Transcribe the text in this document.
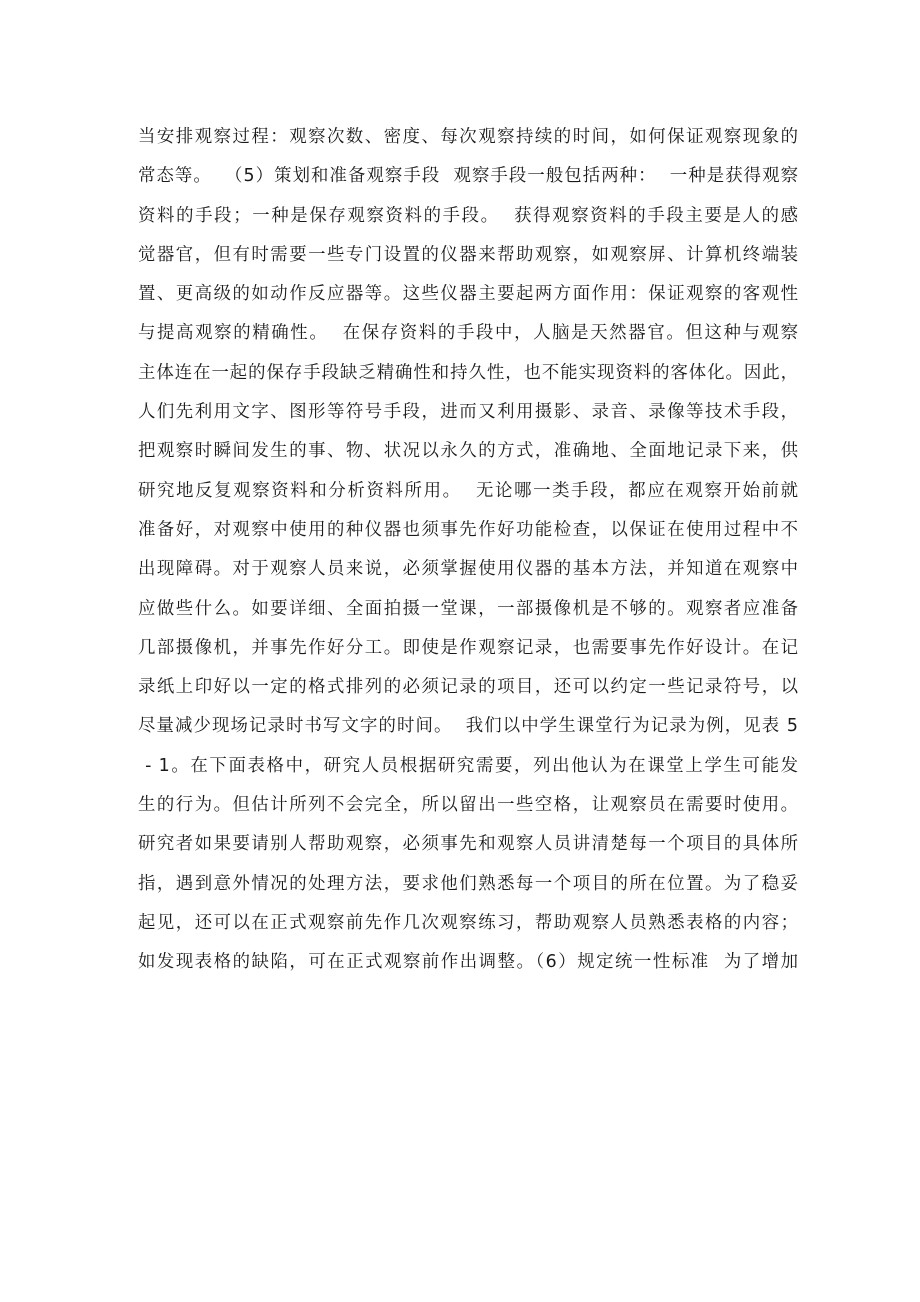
当安排观察过程：观察次数、密度、每次观察持续的时间，如何保证观察现象的
常态等。  （5）策划和准备观察手段  观察手段一般包括两种：  一种是获得观察
资料的手段；一种是保存观察资料的手段。  获得观察资料的手段主要是人的感
觉器官，但有时需要一些专门设置的仪器来帮助观察，如观察屏、计算机终端装
置、更高级的如动作反应器等。这些仪器主要起两方面作用：保证观察的客观性
与提高观察的精确性。  在保存资料的手段中，人脑是天然器官。但这种与观察
主体连在一起的保存手段缺乏精确性和持久性，也不能实现资料的客体化。因此，
人们先利用文字、图形等符号手段，进而又利用摄影、录音、录像等技术手段，
把观察时瞬间发生的事、物、状况以永久的方式，准确地、全面地记录下来，供
研究地反复观察资料和分析资料所用。  无论哪一类手段，都应在观察开始前就
准备好，对观察中使用的种仪器也须事先作好功能检查，以保证在使用过程中不
出现障碍。对于观察人员来说，必须掌握使用仪器的基本方法，并知道在观察中
应做些什么。如要详细、全面拍摄一堂课，一部摄像机是不够的。观察者应准备
几部摄像机，并事先作好分工。即使是作观察记录，也需要事先作好设计。在记
录纸上印好以一定的格式排列的必须记录的项目，还可以约定一些记录符号，以
尽量减少现场记录时书写文字的时间。  我们以中学生课堂行为记录为例，见表 5
- 1。在下面表格中，研究人员根据研究需要，列出他认为在课堂上学生可能发
生的行为。但估计所列不会完全，所以留出一些空格，让观察员在需要时使用。
研究者如果要请别人帮助观察，必须事先和观察人员讲清楚每一个项目的具体所
指，遇到意外情况的处理方法，要求他们熟悉每一个项目的所在位置。为了稳妥
起见，还可以在正式观察前先作几次观察练习，帮助观察人员熟悉表格的内容；
如发现表格的缺陷，可在正式观察前作出调整。（6）规定统一性标准  为了增加
